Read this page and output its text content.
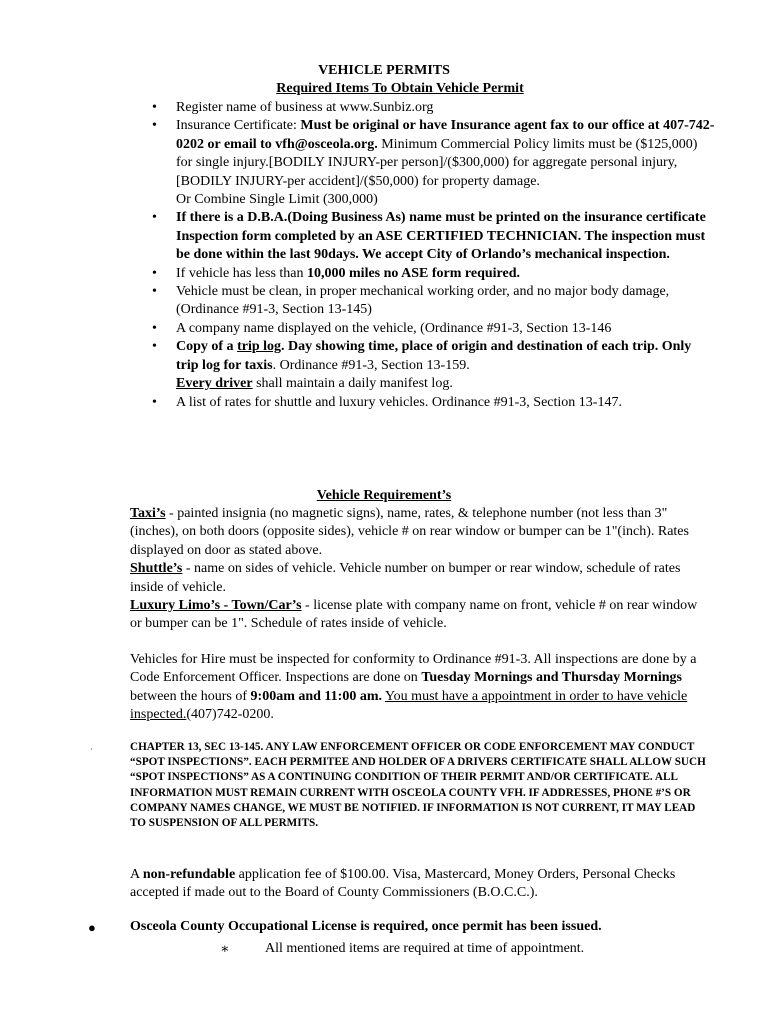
VEHICLE PERMITS
Required Items To Obtain Vehicle Permit
• Register name of business at www.Sunbiz.org
• Insurance Certificate: Must be original or have Insurance agent fax to our office at 407-742-0202 or email to vfh@osceola.org. Minimum Commercial Policy limits must be ($125,000) for single injury.[BODILY INJURY-per person]/($300,000) for aggregate personal injury,[BODILY INJURY-per accident]/($50,000) for property damage.
Or Combine Single Limit (300,000)
• If there is a D.B.A.(Doing Business As) name must be printed on the insurance certificate
Inspection form completed by an ASE CERTIFIED TECHNICIAN. The inspection must be done within the last 90days. We accept City of Orlando’s mechanical inspection.
• If vehicle has less than 10,000 miles no ASE form required.
• Vehicle must be clean, in proper mechanical working order, and no major body damage, (Ordinance #91-3, Section 13-145)
• A company name displayed on the vehicle, (Ordinance #91-3, Section 13-146
• Copy of a trip log. Day showing time, place of origin and destination of each trip. Only trip log for taxis. Ordinance #91-3, Section 13-159.
Every driver shall maintain a daily manifest log.
• A list of rates for shuttle and luxury vehicles. Ordinance #91-3, Section 13-147.
Vehicle Requirement’s
Taxi’s - painted insignia (no magnetic signs), name, rates, & telephone number (not less than 3"(inches), on both doors (opposite sides), vehicle # on rear window or bumper can be 1"(inch). Rates displayed on door as stated above.
Shuttle’s - name on sides of vehicle. Vehicle number on bumper or rear window, schedule of rates inside of vehicle.
Luxury Limo’s - Town/Car’s - license plate with company name on front, vehicle # on rear window or bumper can be 1". Schedule of rates inside of vehicle.
Vehicles for Hire must be inspected for conformity to Ordinance #91-3. All inspections are done by a Code Enforcement Officer. Inspections are done on Tuesday Mornings and Thursday Mornings between the hours of 9:00am and 11:00 am. You must have a appointment in order to have vehicle inspected.(407)742-0200.
·	CHAPTER 13, SEC 13-145. ANY LAW ENFORCEMENT OFFICER OR CODE ENFORCEMENT MAY CONDUCT “SPOT INSPECTIONS”. EACH PERMITEE AND HOLDER OF A DRIVERS CERTIFICATE SHALL ALLOW SUCH “SPOT INSPECTIONS” AS A CONTINUING CONDITION OF THEIR PERMIT AND/OR CERTIFICATE. ALL INFORMATION MUST REMAIN CURRENT WITH OSCEOLA COUNTY VFH. IF ADDRESSES, PHONE #’S OR COMPANY NAMES CHANGE, WE MUST BE NOTIFIED. IF INFORMATION IS NOT CURRENT, IT MAY LEAD TO SUSPENSION OF ALL PERMITS.
A non-refundable application fee of $100.00. Visa, Mastercard, Money Orders, Personal Checks accepted if made out to the Board of County Commissioners (B.O.C.C.).
● Osceola County Occupational License is required, once permit has been issued.
∗	All mentioned items are required at time of appointment.
